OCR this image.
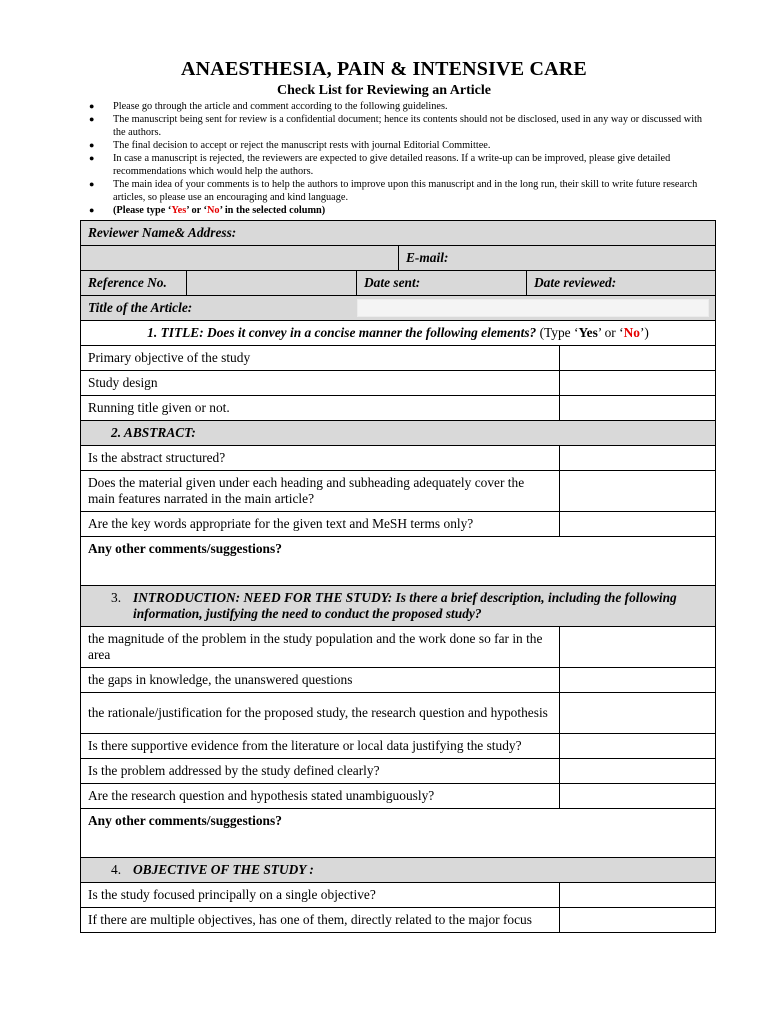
ANAESTHESIA, PAIN & INTENSIVE CARE
Check List for Reviewing an Article
● Please go through the article and comment according to the following guidelines.
● The manuscript being sent for review is a confidential document; hence its contents should not be disclosed, used in any way or discussed with the authors.
● The final decision to accept or reject the manuscript rests with journal Editorial Committee.
● In case a manuscript is rejected, the reviewers are expected to give detailed reasons. If a write-up can be improved, please give detailed recommendations which would help the authors.
● The main idea of your comments is to help the authors to improve upon this manuscript and in the long run, their skill to write future research articles, so please use an encouraging and kind language.
● (Please type ‘Yes’ or ‘No’ in the selected column)
Reviewer Name& Address:					
			E-mail:		
Reference No.		Date sent:		Date reviewed:	
Title of the Article:					

1. TITLE: Does it convey in a concise manner the following elements? (Type ‘Yes’ or ‘No’)					
Primary objective of the study					
Study design					
Running title given or not.					
2. ABSTRACT:					
Is the abstract structured?					
Does the material given under each heading and subheading adequately cover the main features narrated in the main article?					
Are the key words appropriate for the given text and MeSH terms only?					
Any other comments/suggestions?					

3. INTRODUCTION: NEED FOR THE STUDY: Is there a brief description, including the following information, justifying the need to conduct the proposed study?					

the magnitude of the problem in the study population and the work done so far in the area					
the gaps in knowledge, the unanswered questions					
the rationale/justification for the proposed study, the research question and hypothesis					
Is there supportive evidence from the literature or local data justifying the study?					
Is the problem addressed by the study defined clearly?					
Are the research question and hypothesis stated unambiguously?					
Any other comments/suggestions?					
4. OBJECTIVE OF THE STUDY :					
Is the study focused principally on a single objective?					
If there are multiple objectives, has one of them, directly related to the major focus					
